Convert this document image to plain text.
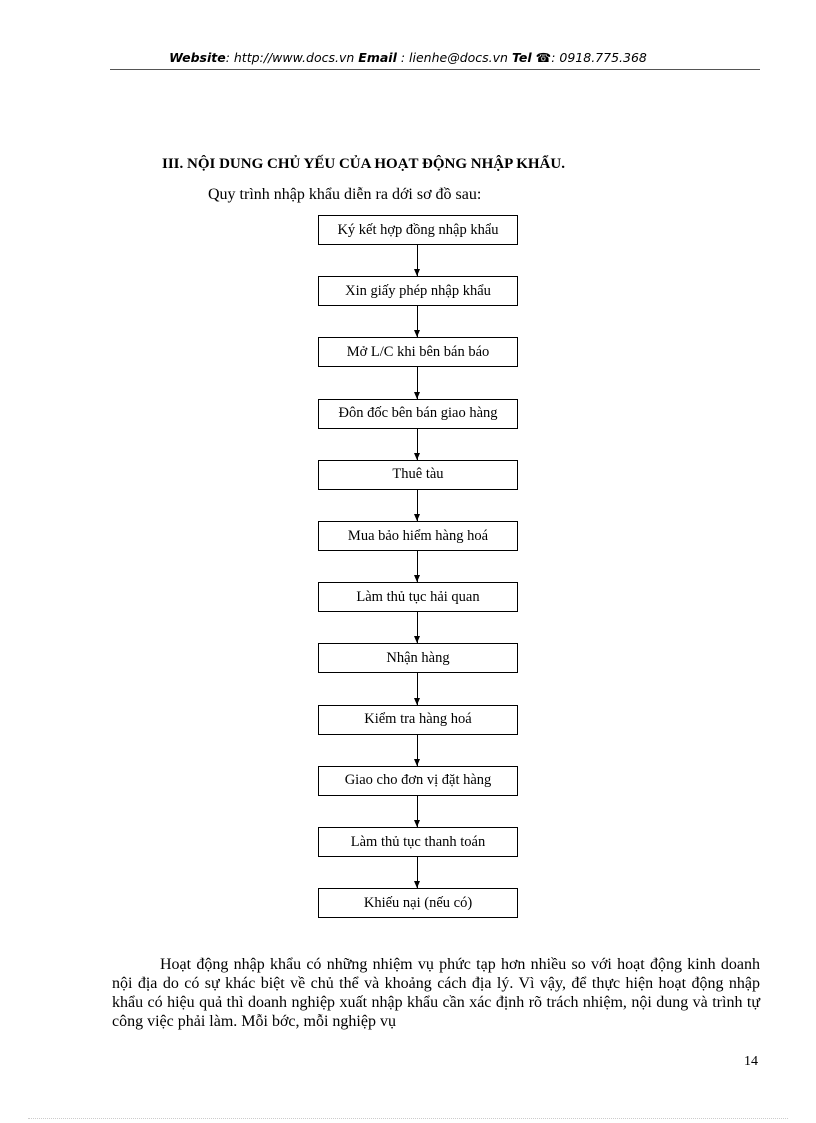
Website: http://www.docs.vn Email : lienhe@docs.vn Tel ☎: 0918.775.368
III. NỘI DUNG CHỦ YẾU CỦA HOẠT ĐỘNG NHẬP KHẨU.
Quy trình nhập khẩu diễn ra dới sơ đồ sau:
Ký kết hợp đồng nhập khẩu
Xin giấy phép nhập khẩu
Mở L/C khi bên bán báo
Đôn đốc bên bán giao hàng
Thuê tàu
Mua bảo hiểm hàng hoá
Làm thủ tục hải quan
Nhận hàng
Kiểm tra hàng hoá
Giao cho đơn vị đặt hàng
Làm thủ tục thanh toán
Khiếu nại (nếu có)
Hoạt động nhập khẩu có những nhiệm vụ phức tạp hơn nhiều so với hoạt động kinh doanh nội địa do có sự khác biệt về chủ thể và khoảng cách địa lý. Vì vậy, để thực hiện hoạt động nhập khẩu có hiệu quả thì doanh nghiệp xuất nhập khẩu cần xác định rõ trách nhiệm, nội dung và trình tự công việc phải làm. Mỗi bớc, mỗi nghiệp vụ
14
